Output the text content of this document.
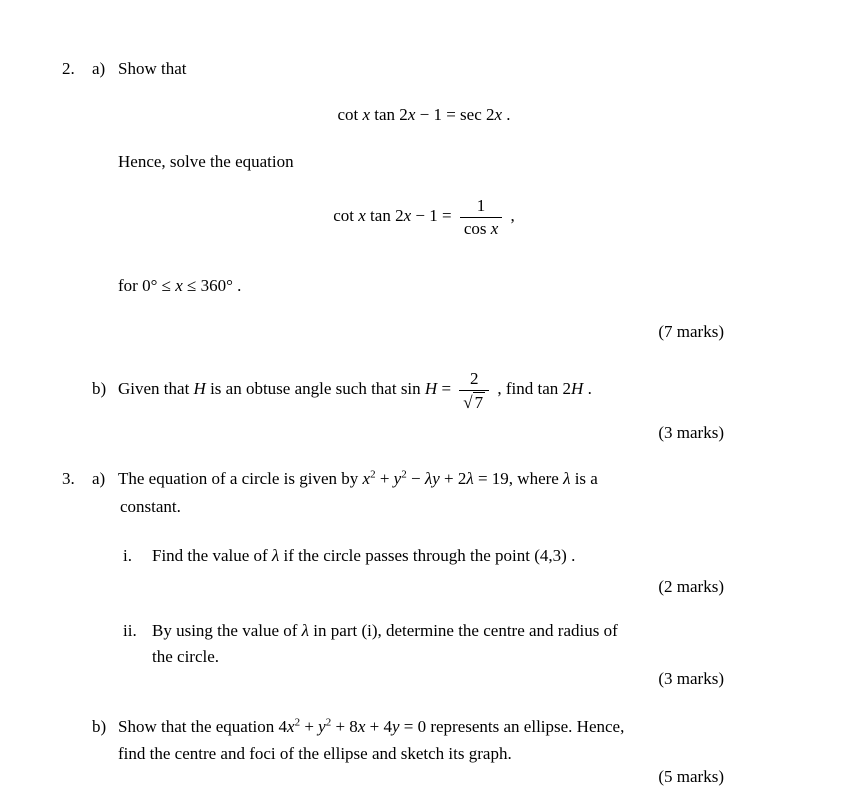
2. a) Show that
cot x tan 2x − 1 = sec 2x .
Hence, solve the equation
cot x $\tan 2x - 1 = \frac{1}{\text{cos x}}$ ,
for 0° ≤ x ≤ 360° .
(7 marks)
b) Given that H is an obtuse angle such that $\sin H = \frac{2}{√ 7}$ , find tan 2H .
(3 marks)
3. a) The equation of a circle is given by $x^2 + y^2 - \lambda y + 2\lambda = 19$, where λ is a
constant.
i. Find the value of λ if the circle passes through the point (4,3) .
(2 marks)
ii. By using the value of λ in part (i), determine the centre and radius of
the circle.
(3 marks)
b) Show that the equation $4x^2 + y^2 + 8x + 4y = 0$ represents an ellipse. Hence,
find the centre and foci of the ellipse and sketch its graph.
(5 marks)
